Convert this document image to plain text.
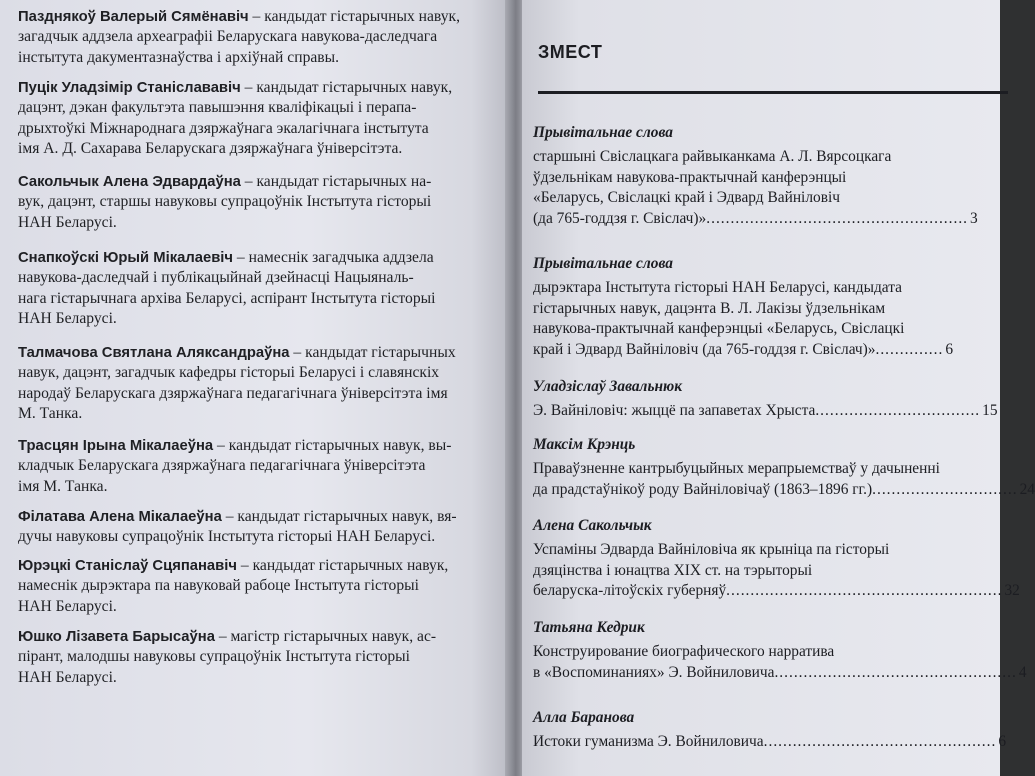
Пазднякоў Валерый Сямёнавіч – кандыдат гістарычных навук,
загадчык аддзела археаграфіі Беларускага навукова-даследчага
інстытута дакументазнаўства і архіўнай справы.
Пуцік Уладзімір Станіслававіч – кандыдат гістарычных навук,
дацэнт, дэкан факультэта павышэння кваліфікацыі і перапа-
дрыхтоўкі Міжнароднага дзяржаўнага экалагічнага інстытута
імя А. Д. Сахарава Беларускага дзяржаўнага ўніверсітэта.
Сакольчык Алена Эдвардаўна – кандыдат гістарычных на-
вук, дацэнт, старшы навуковы супрацоўнік Інстытута гісторыі
НАН Беларусі.
Снапкоўскі Юрый Мікалаевіч – намеснік загадчыка аддзела
навукова-даследчай і публікацыйнай дзейнасці Нацыяналь-
нага гістарычнага архіва Беларусі, аспірант Інстытута гісторыі
НАН Беларусі.
Талмачова Святлана Аляксандраўна – кандыдат гістарычных
навук, дацэнт, загадчык кафедры гісторыі Беларусі і славянскіх
народаў Беларускага дзяржаўнага педагагічнага ўніверсітэта імя
М. Танка.
Трасцян Ірына Мікалаеўна – кандыдат гістарычных навук, вы-
кладчык Беларускага дзяржаўнага педагагічнага ўніверсітэта
імя М. Танка.
Філатава Алена Мікалаеўна – кандыдат гістарычных навук, вя-
дучы навуковы супрацоўнік Інстытута гісторыі НАН Беларусі.
Юрэцкі Станіслаў Сцяпанавіч – кандыдат гістарычных навук,
намеснік дырэктара па навуковай рабоце Інстытута гісторыі
НАН Беларусі.
Юшко Лізавета Барысаўна – магістр гістарычных навук, ас-
пірант, малодшы навуковы супрацоўнік Інстытута гісторыі
НАН Беларусі.
ЗМЕСТ
Прывітальнае слова
старшыні Свіслацкага райвыканкама А. Л. Вярсоцкага
ўдзельнікам навукова-практычнай канферэнцыі
«Беларусь, Свіслацкі край і Эдвард Вайніловіч
(да 765-годдзя г. Свіслач)»...................................................... 3
Прывітальнае слова
дырэктара Інстытута гісторыі НАН Беларусі, кандыдата
гістарычных навук, дацэнта В. Л. Лакізы ўдзельнікам
навукова-практычнай канферэнцыі «Беларусь, Свіслацкі
край і Эдвард Вайніловіч (да 765-годдзя г. Свіслач)».............. 6
Уладзіслаў Завальнюк
Э. Вайніловіч: жыццё па запаветах Хрыста.................................. 15
Максім Крэнць
Праваўзненне кантрыбуцыйных мерапрыемстваў у дачыненні
да прадстаўнікоў роду Вайніловічаў (1863–1896 гг.).............................. 24
Алена Сакольчык
Успаміны Эдварда Вайніловіча як крыніца па гісторыі
дзяцінства і юнацтва XIX ст. на тэрыторыі
беларуска-літоўскіх губерняў......................................................... 32
Татьяна Кедрик
Конструирование биографического нарратива
в «Воспоминаниях» Э. Войниловича.................................................. 4
Алла Баранова
Истоки гуманизма Э. Войниловича................................................ 6
